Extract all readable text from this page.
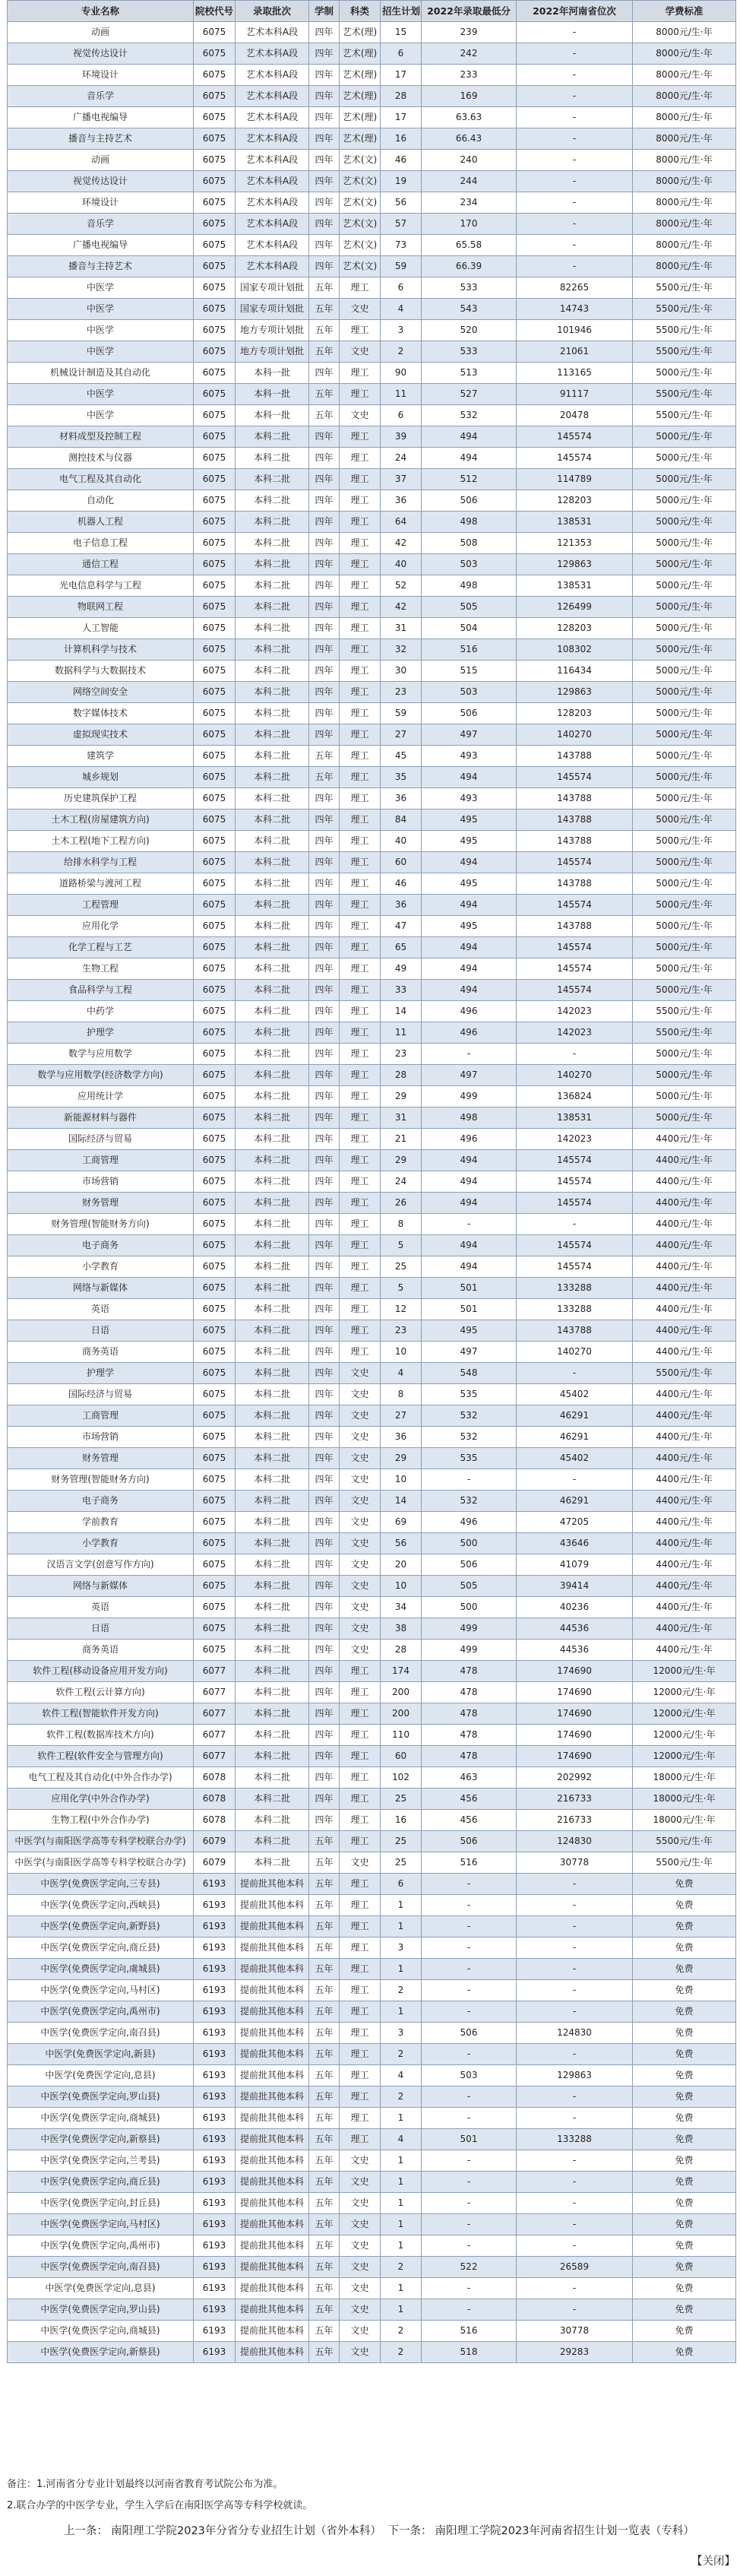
专业名称	院校代号	录取批次	学制	科类	招生计划	2022年录取最低分	2022年河南省位次	学费标准
动画	6075	艺术本科A段	四年	艺术(理)	15	239	-	8000元/生·年
视觉传达设计	6075	艺术本科A段	四年	艺术(理)	6	242	-	8000元/生·年
环境设计	6075	艺术本科A段	四年	艺术(理)	17	233	-	8000元/生·年
音乐学	6075	艺术本科A段	四年	艺术(理)	28	169	-	8000元/生·年
广播电视编导	6075	艺术本科A段	四年	艺术(理)	17	63.63	-	8000元/生·年
播音与主持艺术	6075	艺术本科A段	四年	艺术(理)	16	66.43	-	8000元/生·年
动画	6075	艺术本科A段	四年	艺术(文)	46	240	-	8000元/生·年
视觉传达设计	6075	艺术本科A段	四年	艺术(文)	19	244	-	8000元/生·年
环境设计	6075	艺术本科A段	四年	艺术(文)	56	234	-	8000元/生·年
音乐学	6075	艺术本科A段	四年	艺术(文)	57	170	-	8000元/生·年
广播电视编导	6075	艺术本科A段	四年	艺术(文)	73	65.58	-	8000元/生·年
播音与主持艺术	6075	艺术本科A段	四年	艺术(文)	59	66.39	-	8000元/生·年
中医学	6075	国家专项计划批	五年	理工	6	533	82265	5500元/生·年
中医学	6075	国家专项计划批	五年	文史	4	543	14743	5500元/生·年
中医学	6075	地方专项计划批	五年	理工	3	520	101946	5500元/生·年
中医学	6075	地方专项计划批	五年	文史	2	533	21061	5500元/生·年
机械设计制造及其自动化	6075	本科一批	四年	理工	90	513	113165	5000元/生·年
中医学	6075	本科一批	五年	理工	11	527	91117	5500元/生·年
中医学	6075	本科一批	五年	文史	6	532	20478	5500元/生·年
材料成型及控制工程	6075	本科二批	四年	理工	39	494	145574	5000元/生·年
测控技术与仪器	6075	本科二批	四年	理工	24	494	145574	5000元/生·年
电气工程及其自动化	6075	本科二批	四年	理工	37	512	114789	5000元/生·年
自动化	6075	本科二批	四年	理工	36	506	128203	5000元/生·年
机器人工程	6075	本科二批	四年	理工	64	498	138531	5000元/生·年
电子信息工程	6075	本科二批	四年	理工	42	508	121353	5000元/生·年
通信工程	6075	本科二批	四年	理工	40	503	129863	5000元/生·年
光电信息科学与工程	6075	本科二批	四年	理工	52	498	138531	5000元/生·年
物联网工程	6075	本科二批	四年	理工	42	505	126499	5000元/生·年
人工智能	6075	本科二批	四年	理工	31	504	128203	5000元/生·年
计算机科学与技术	6075	本科二批	四年	理工	32	516	108302	5000元/生·年
数据科学与大数据技术	6075	本科二批	四年	理工	30	515	116434	5000元/生·年
网络空间安全	6075	本科二批	四年	理工	23	503	129863	5000元/生·年
数字媒体技术	6075	本科二批	四年	理工	59	506	128203	5000元/生·年
虚拟现实技术	6075	本科二批	四年	理工	27	497	140270	5000元/生·年
建筑学	6075	本科二批	五年	理工	45	493	143788	5000元/生·年
城乡规划	6075	本科二批	五年	理工	35	494	145574	5000元/生·年
历史建筑保护工程	6075	本科二批	四年	理工	36	493	143788	5000元/生·年
土木工程(房屋建筑方向)	6075	本科二批	四年	理工	84	495	143788	5000元/生·年
土木工程(地下工程方向)	6075	本科二批	四年	理工	40	495	143788	5000元/生·年
给排水科学与工程	6075	本科二批	四年	理工	60	494	145574	5000元/生·年
道路桥梁与渡河工程	6075	本科二批	四年	理工	46	495	143788	5000元/生·年
工程管理	6075	本科二批	四年	理工	36	494	145574	5000元/生·年
应用化学	6075	本科二批	四年	理工	47	495	143788	5000元/生·年
化学工程与工艺	6075	本科二批	四年	理工	65	494	145574	5000元/生·年
生物工程	6075	本科二批	四年	理工	49	494	145574	5000元/生·年
食品科学与工程	6075	本科二批	四年	理工	33	494	145574	5000元/生·年
中药学	6075	本科二批	四年	理工	14	496	142023	5500元/生·年
护理学	6075	本科二批	四年	理工	11	496	142023	5500元/生·年
数学与应用数学	6075	本科二批	四年	理工	23	-	-	5000元/生·年
数学与应用数学(经济数学方向)	6075	本科二批	四年	理工	28	497	140270	5000元/生·年
应用统计学	6075	本科二批	四年	理工	29	499	136824	5000元/生·年
新能源材料与器件	6075	本科二批	四年	理工	31	498	138531	5000元/生·年
国际经济与贸易	6075	本科二批	四年	理工	21	496	142023	4400元/生·年
工商管理	6075	本科二批	四年	理工	29	494	145574	4400元/生·年
市场营销	6075	本科二批	四年	理工	24	494	145574	4400元/生·年
财务管理	6075	本科二批	四年	理工	26	494	145574	4400元/生·年
财务管理(智能财务方向)	6075	本科二批	四年	理工	8	-	-	4400元/生·年
电子商务	6075	本科二批	四年	理工	5	494	145574	4400元/生·年
小学教育	6075	本科二批	四年	理工	25	494	145574	4400元/生·年
网络与新媒体	6075	本科二批	四年	理工	5	501	133288	4400元/生·年
英语	6075	本科二批	四年	理工	12	501	133288	4400元/生·年
日语	6075	本科二批	四年	理工	23	495	143788	4400元/生·年
商务英语	6075	本科二批	四年	理工	10	497	140270	4400元/生·年
护理学	6075	本科二批	四年	文史	4	548	-	5500元/生·年
国际经济与贸易	6075	本科二批	四年	文史	8	535	45402	4400元/生·年
工商管理	6075	本科二批	四年	文史	27	532	46291	4400元/生·年
市场营销	6075	本科二批	四年	文史	36	532	46291	4400元/生·年
财务管理	6075	本科二批	四年	文史	29	535	45402	4400元/生·年
财务管理(智能财务方向)	6075	本科二批	四年	文史	10	-	-	4400元/生·年
电子商务	6075	本科二批	四年	文史	14	532	46291	4400元/生·年
学前教育	6075	本科二批	四年	文史	69	496	47205	4400元/生·年
小学教育	6075	本科二批	四年	文史	56	500	43646	4400元/生·年
汉语言文学(创意写作方向)	6075	本科二批	四年	文史	20	506	41079	4400元/生·年
网络与新媒体	6075	本科二批	四年	文史	10	505	39414	4400元/生·年
英语	6075	本科二批	四年	文史	34	500	40236	4400元/生·年
日语	6075	本科二批	四年	文史	38	499	44536	4400元/生·年
商务英语	6075	本科二批	四年	文史	28	499	44536	4400元/生·年
软件工程(移动设备应用开发方向)	6077	本科二批	四年	理工	174	478	174690	12000元/生·年
软件工程(云计算方向)	6077	本科二批	四年	理工	200	478	174690	12000元/生·年
软件工程(智能软件开发方向)	6077	本科二批	四年	理工	200	478	174690	12000元/生·年
软件工程(数据库技术方向)	6077	本科二批	四年	理工	110	478	174690	12000元/生·年
软件工程(软件安全与管理方向)	6077	本科二批	四年	理工	60	478	174690	12000元/生·年
电气工程及其自动化(中外合作办学)	6078	本科二批	四年	理工	102	463	202992	18000元/生·年
应用化学(中外合作办学)	6078	本科二批	四年	理工	25	456	216733	18000元/生·年
生物工程(中外合作办学)	6078	本科二批	四年	理工	16	456	216733	18000元/生·年
中医学(与南阳医学高等专科学校联合办学)	6079	本科二批	五年	理工	25	506	124830	5500元/生·年
中医学(与南阳医学高等专科学校联合办学)	6079	本科二批	五年	文史	25	516	30778	5500元/生·年
中医学(免费医学定向,三专县)	6193	提前批其他本科	五年	理工	6	-	-	免费
中医学(免费医学定向,西峡县)	6193	提前批其他本科	五年	理工	1	-	-	免费
中医学(免费医学定向,新野县)	6193	提前批其他本科	五年	理工	1	-	-	免费
中医学(免费医学定向,商丘县)	6193	提前批其他本科	五年	理工	3	-	-	免费
中医学(免费医学定向,虞城县)	6193	提前批其他本科	五年	理工	1	-	-	免费
中医学(免费医学定向,马村区)	6193	提前批其他本科	五年	理工	2	-	-	免费
中医学(免费医学定向,禹州市)	6193	提前批其他本科	五年	理工	1	-	-	免费
中医学(免费医学定向,南召县)	6193	提前批其他本科	五年	理工	3	506	124830	免费
中医学(免费医学定向,新县)	6193	提前批其他本科	五年	理工	2	-	-	免费
中医学(免费医学定向,息县)	6193	提前批其他本科	五年	理工	4	503	129863	免费
中医学(免费医学定向,罗山县)	6193	提前批其他本科	五年	理工	2	-	-	免费
中医学(免费医学定向,商城县)	6193	提前批其他本科	五年	理工	1	-	-	免费
中医学(免费医学定向,新蔡县)	6193	提前批其他本科	五年	理工	4	501	133288	免费
中医学(免费医学定向,兰考县)	6193	提前批其他本科	五年	文史	1	-	-	免费
中医学(免费医学定向,商丘县)	6193	提前批其他本科	五年	文史	1	-	-	免费
中医学(免费医学定向,封丘县)	6193	提前批其他本科	五年	文史	1	-	-	免费
中医学(免费医学定向,马村区)	6193	提前批其他本科	五年	文史	1	-	-	免费
中医学(免费医学定向,禹州市)	6193	提前批其他本科	五年	文史	1	-	-	免费
中医学(免费医学定向,南召县)	6193	提前批其他本科	五年	文史	2	522	26589	免费
中医学(免费医学定向,息县)	6193	提前批其他本科	五年	文史	1	-	-	免费
中医学(免费医学定向,罗山县)	6193	提前批其他本科	五年	文史	1	-	-	免费
中医学(免费医学定向,商城县)	6193	提前批其他本科	五年	文史	2	516	30778	免费
中医学(免费医学定向,新蔡县)	6193	提前批其他本科	五年	文史	2	518	29283	免费
备注：1.河南省分专业计划最终以河南省教育考试院公布为准。
2.联合办学的中医学专业，学生入学后在南阳医学高等专科学校就读。
上一条： 南阳理工学院2023年分省分专业招生计划（省外本科） 下一条： 南阳理工学院2023年河南省招生计划一览表（专科）
【关闭】
